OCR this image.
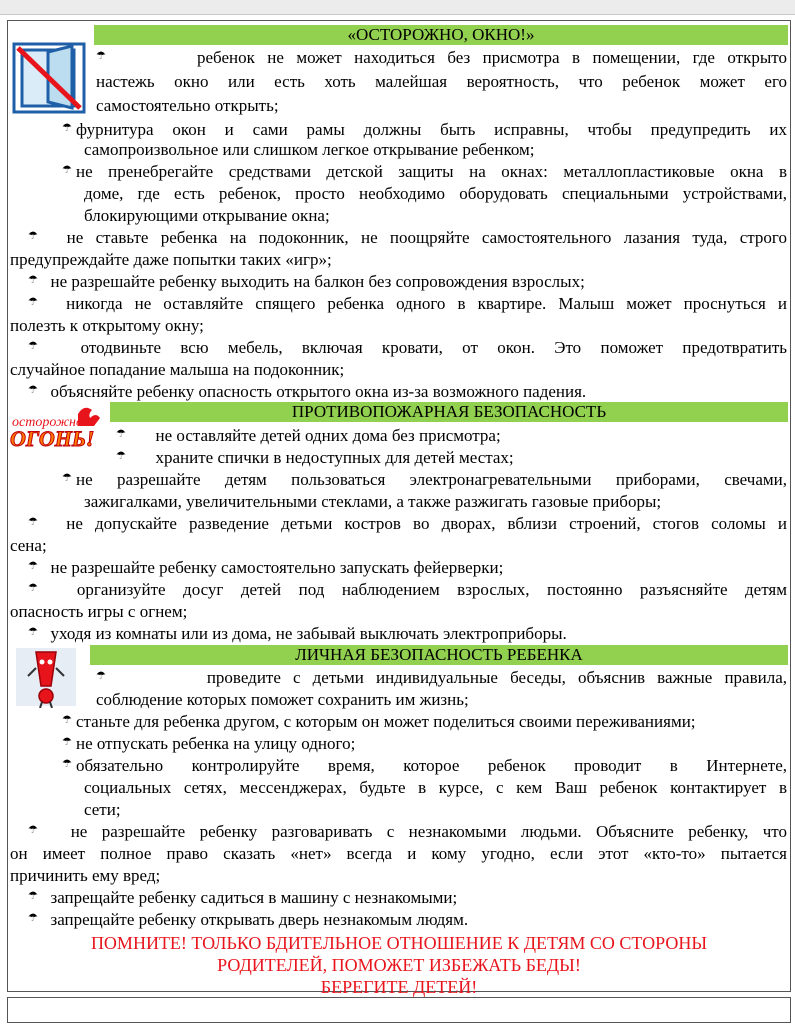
осторожно
ОГОНЬ!
«ОСТОРОЖНО, ОКНО!»
☂       ребенок не может находиться без присмотра в помещении, где открыто
настежь окно или есть хоть малейшая вероятность, что ребенок может его
самостоятельно открыть;
☂ фурнитура окон и сами рамы должны быть исправны, чтобы предупредить их
самопроизвольное или слишком легкое открывание ребенком;
☂ не пренебрегайте средствами детской защиты на окнах: металлопластиковые окна в
доме, где есть ребенок, просто необходимо оборудовать специальными устройствами,
блокирующими открывание окна;
☂  не ставьте ребенка на подоконник, не поощряйте самостоятельного лазания туда, строго
предупреждайте даже попытки таких «игр»;
☂  не разрешайте ребенку выходить на балкон без сопровождения взрослых;
☂  никогда не оставляйте спящего ребенка одного в квартире. Малыш может проснуться и
полезть к открытому окну;
☂  отодвиньте всю мебель, включая кровати, от окон. Это поможет предотвратить
случайное попадание малыша на подоконник;
☂  объясняйте ребенку опасность открытого окна из-за возможного падения.
ПРОТИВОПОЖАРНАЯ БЕЗОПАСНОСТЬ
☂      не оставляйте детей одних дома без присмотра;
☂      храните спички в недоступных для детей местах;
☂ не разрешайте детям пользоваться электронагревательными приборами, свечами,
зажигалками, увеличительными стеклами, а также разжигать газовые приборы;
☂  не допускайте разведение детьми костров во дворах, вблизи строений, стогов соломы и
сена;
☂  не разрешайте ребенку самостоятельно запускать фейерверки;
☂  организуйте досуг детей под наблюдением взрослых, постоянно разъясняйте детям
опасность игры с огнем;
☂  уходя из комнаты или из дома, не забывай выключать электроприборы.
ЛИЧНАЯ БЕЗОПАСНОСТЬ РЕБЕНКА
☂        проведите с детьми индивидуальные беседы, объяснив важные правила,
соблюдение которых поможет сохранить им жизнь;
☂ станьте для ребенка другом, с которым он может поделиться своими переживаниями;
☂ не отпускать ребенка на улицу одного;
☂ обязательно контролируйте время, которое ребенок проводит в Интернете,
социальных сетях, мессенджерах, будьте в курсе, с кем Ваш ребенок контактирует в
сети;
☂  не разрешайте ребенку разговаривать с незнакомыми людьми. Объясните ребенку, что
он имеет полное право сказать «нет» всегда и кому угодно, если этот «кто-то» пытается
причинить ему вред;
☂  запрещайте ребенку садиться в машину с незнакомыми;
☂  запрещайте ребенку открывать дверь незнакомым людям.
ПОМНИТЕ! ТОЛЬКО БДИТЕЛЬНОЕ ОТНОШЕНИЕ К ДЕТЯМ СО СТОРОНЫ
РОДИТЕЛЕЙ, ПОМОЖЕТ ИЗБЕЖАТЬ БЕДЫ!
БЕРЕГИТЕ ДЕТЕЙ!
